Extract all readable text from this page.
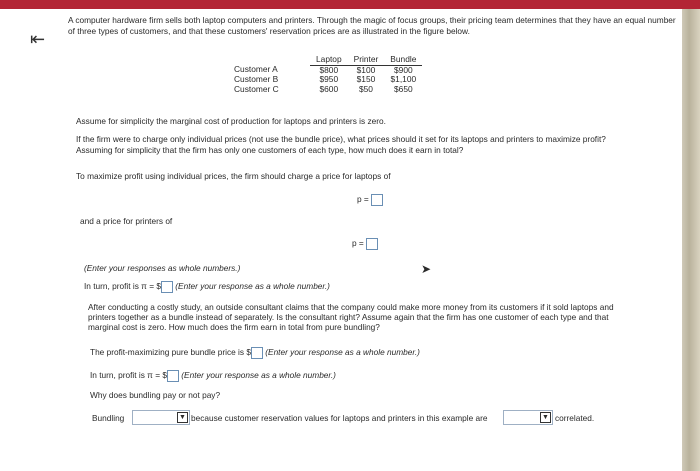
⇤
A computer hardware firm sells both laptop computers and printers. Through the magic of focus groups, their pricing team determines that they have an equal number of three types of customers, and that these customers' reservation prices are as illustrated in the figure below.
	Laptop	Printer	Bundle
Customer A	$800	$100	$900
Customer B	$950	$150	$1,100
Customer C	$600	$50	$650
Assume for simplicity the marginal cost of production for laptops and printers is zero.
If the firm were to charge only individual prices (not use the bundle price), what prices should it set for its laptops and printers to maximize profit?
Assuming for simplicity that the firm has only one customers of each type, how much does it earn in total?
To maximize profit using individual prices, the firm should charge a price for laptops of
p =
and a price for printers of
p =
(Enter your responses as whole numbers.)	➤
In turn, profit is π = $ (Enter your response as a whole number.)
After conducting a costly study, an outside consultant claims that the company could make more money from its customers if it sold laptops and
printers together as a bundle instead of separately. Is the consultant right? Assume again that the firm has one customer of each type and that
marginal cost is zero. How much does the firm earn in total from pure bundling?
The profit-maximizing pure bundle price is $ (Enter your response as a whole number.)
In turn, profit is π = $ (Enter your response as a whole number.)
Why does bundling pay or not pay?
Bundling	▼ because customer reservation values for laptops and printers in this example are	▼ correlated.
